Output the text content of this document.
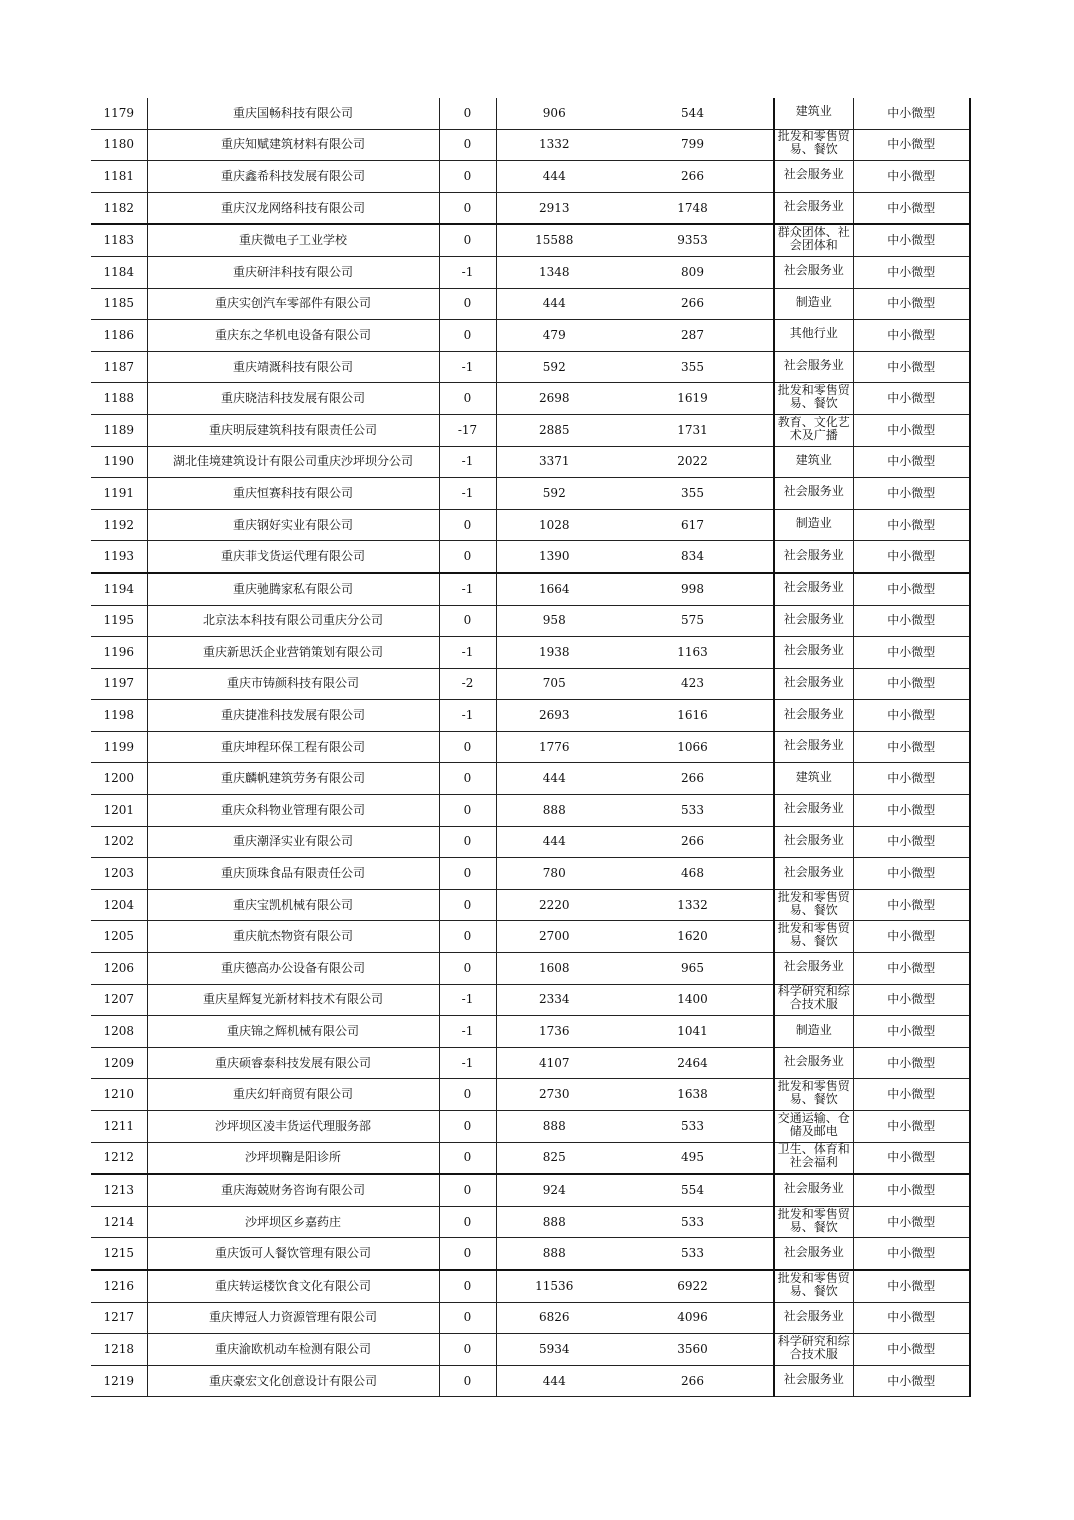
1179	重庆国畅科技有限公司	0	906	544	建筑业	中小微型
1180	重庆知赋建筑材料有限公司	0	1332	799	批发和零售贸易、餐饮	中小微型
1181	重庆鑫希科技发展有限公司	0	444	266	社会服务业	中小微型
1182	重庆汉龙网络科技有限公司	0	2913	1748	社会服务业	中小微型
1183	重庆微电子工业学校	0	15588	9353	群众团体、社会团体和	中小微型
1184	重庆研沣科技有限公司	-1	1348	809	社会服务业	中小微型
1185	重庆实创汽车零部件有限公司	0	444	266	制造业	中小微型
1186	重庆东之华机电设备有限公司	0	479	287	其他行业	中小微型
1187	重庆靖溉科技有限公司	-1	592	355	社会服务业	中小微型
1188	重庆晓洁科技发展有限公司	0	2698	1619	批发和零售贸易、餐饮	中小微型
1189	重庆明辰建筑科技有限责任公司	-17	2885	1731	教育、文化艺术及广播	中小微型
1190	湖北佳境建筑设计有限公司重庆沙坪坝分公司	-1	3371	2022	建筑业	中小微型
1191	重庆恒赛科技有限公司	-1	592	355	社会服务业	中小微型
1192	重庆钢好实业有限公司	0	1028	617	制造业	中小微型
1193	重庆菲戈货运代理有限公司	0	1390	834	社会服务业	中小微型
1194	重庆驰腾家私有限公司	-1	1664	998	社会服务业	中小微型
1195	北京法本科技有限公司重庆分公司	0	958	575	社会服务业	中小微型
1196	重庆新思沃企业营销策划有限公司	-1	1938	1163	社会服务业	中小微型
1197	重庆市铸颜科技有限公司	-2	705	423	社会服务业	中小微型
1198	重庆捷准科技发展有限公司	-1	2693	1616	社会服务业	中小微型
1199	重庆坤程环保工程有限公司	0	1776	1066	社会服务业	中小微型
1200	重庆麟帆建筑劳务有限公司	0	444	266	建筑业	中小微型
1201	重庆众科物业管理有限公司	0	888	533	社会服务业	中小微型
1202	重庆潮泽实业有限公司	0	444	266	社会服务业	中小微型
1203	重庆顶珠食品有限责任公司	0	780	468	社会服务业	中小微型
1204	重庆宝凯机械有限公司	0	2220	1332	批发和零售贸易、餐饮	中小微型
1205	重庆航杰物资有限公司	0	2700	1620	批发和零售贸易、餐饮	中小微型
1206	重庆德高办公设备有限公司	0	1608	965	社会服务业	中小微型
1207	重庆星辉复光新材料技术有限公司	-1	2334	1400	科学研究和综合技术服	中小微型
1208	重庆锦之辉机械有限公司	-1	1736	1041	制造业	中小微型
1209	重庆硕睿泰科技发展有限公司	-1	4107	2464	社会服务业	中小微型
1210	重庆幻轩商贸有限公司	0	2730	1638	批发和零售贸易、餐饮	中小微型
1211	沙坪坝区凌丰货运代理服务部	0	888	533	交通运输、仓储及邮电	中小微型
1212	沙坪坝鞠是阳诊所	0	825	495	卫生、体育和社会福利	中小微型
1213	重庆海兢财务咨询有限公司	0	924	554	社会服务业	中小微型
1214	沙坪坝区乡嘉药庄	0	888	533	批发和零售贸易、餐饮	中小微型
1215	重庆饭可人餐饮管理有限公司	0	888	533	社会服务业	中小微型
1216	重庆转运楼饮食文化有限公司	0	11536	6922	批发和零售贸易、餐饮	中小微型
1217	重庆博冠人力资源管理有限公司	0	6826	4096	社会服务业	中小微型
1218	重庆渝欧机动车检测有限公司	0	5934	3560	科学研究和综合技术服	中小微型
1219	重庆豪宏文化创意设计有限公司	0	444	266	社会服务业	中小微型
